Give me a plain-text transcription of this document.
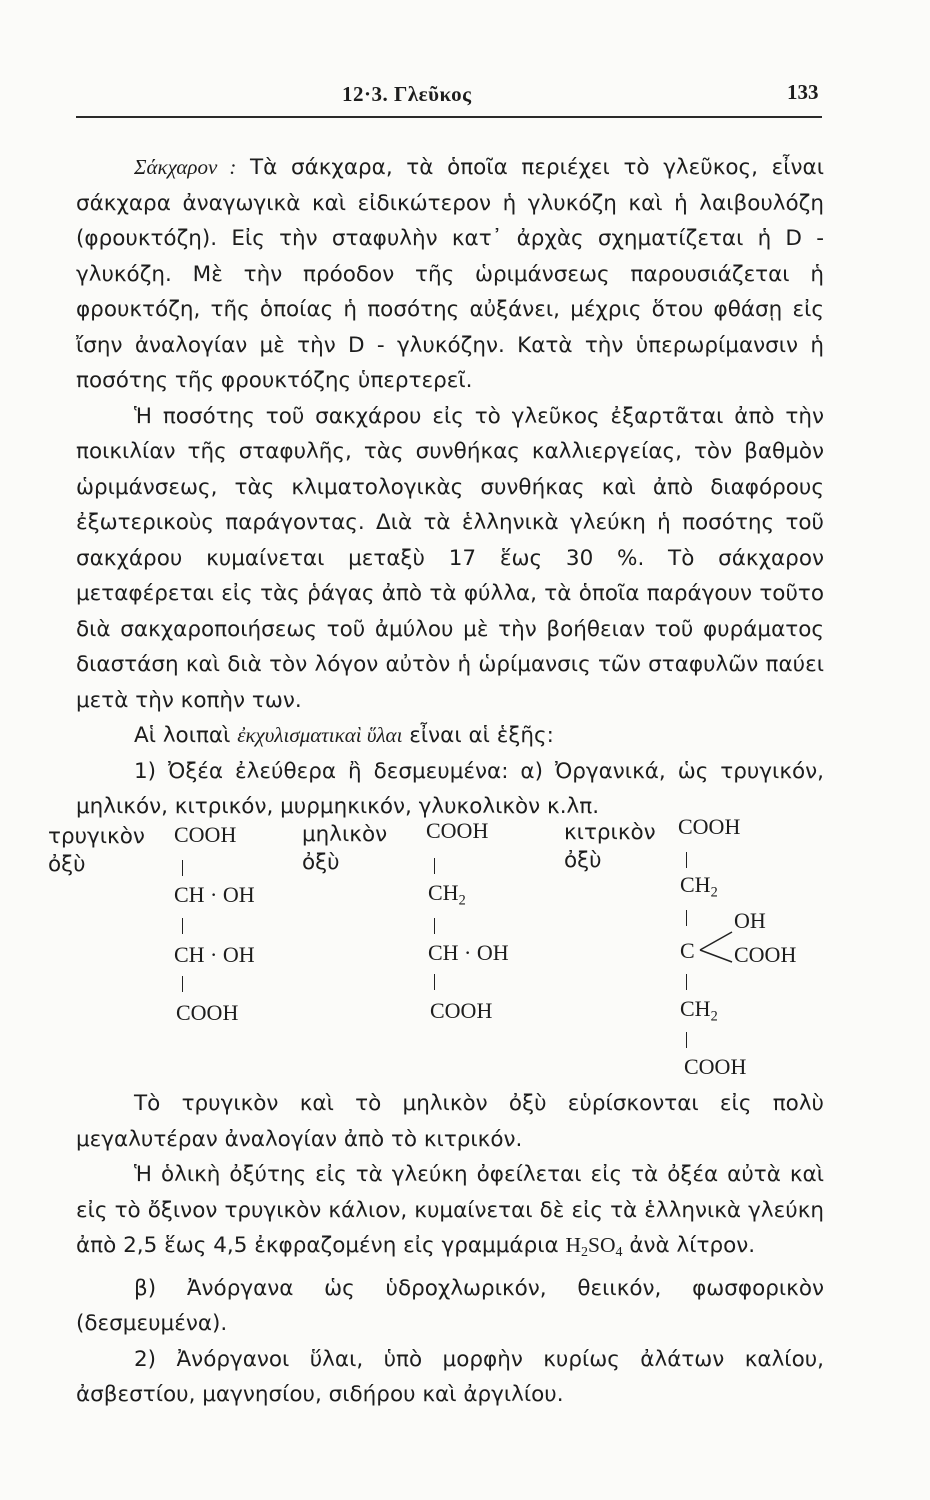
12·3. Γλεῦκος	133

Σάκχαρον : Τὰ σάκχαρα, τὰ ὁποῖα περιέχει τὸ γλεῦκος, εἶναι σάκχαρα ἀναγωγικὰ καὶ εἰδικώτερον ἡ γλυκόζη καὶ ἡ λαιβουλόζη (φρουκτόζη). Εἰς τὴν σταφυλὴν κατ᾽ ἀρχὰς σχηματίζεται ἡ D - γλυκόζη. Μὲ τὴν πρόοδον τῆς ὡριμάνσεως παρουσιάζεται ἡ φρουκτόζη, τῆς ὁποίας ἡ ποσότης αὐξάνει, μέχρις ὅτου φθάσῃ εἰς ἴσην ἀναλογίαν μὲ τὴν D - γλυκόζην. Κατὰ τὴν ὑπερωρίμανσιν ἡ ποσότης τῆς φρουκτόζης ὑπερτερεῖ.

Ἡ ποσότης τοῦ σακχάρου εἰς τὸ γλεῦκος ἐξαρτᾶται ἀπὸ τὴν ποικιλίαν τῆς σταφυλῆς, τὰς συνθήκας καλλιεργείας, τὸν βαθμὸν ὡριμάνσεως, τὰς κλιματολογικὰς συνθήκας καὶ ἀπὸ διαφόρους ἐξωτερικοὺς παράγοντας. Διὰ τὰ ἑλληνικὰ γλεύκη ἡ ποσότης τοῦ σακχάρου κυμαίνεται μεταξὺ 17 ἕως 30 %. Τὸ σάκχαρον μεταφέρεται εἰς τὰς ῥάγας ἀπὸ τὰ φύλλα, τὰ ὁποῖα παράγουν τοῦτο διὰ σακχαροποιήσεως τοῦ ἀμύλου μὲ τὴν βοήθειαν τοῦ φυράματος διαστάση καὶ διὰ τὸν λόγον αὐτὸν ἡ ὡρίμανσις τῶν σταφυλῶν παύει μετὰ τὴν κοπὴν των.

Αἱ λοιπαὶ ἐκχυλισματικαὶ ὕλαι εἶναι αἱ ἑξῆς:

1) Ὀξέα ἐλεύθερα ἢ δεσμευμένα: α) Ὀργανικά, ὡς τρυγικόν, μηλικόν, κιτρικόν, μυρμηκικόν, γλυκολικὸν κ.λπ.

τρυγικὸν
ὀξὺ
COOH
CH · OH
CH · OH
COOH
μηλικὸν
ὀξὺ
COOH
$CH_2$
CH · OH
COOH
κιτρικὸν
ὀξὺ
COOH
$CH_2$
OH
C COOH
$CH_2$
COOH

Τὸ τρυγικὸν καὶ τὸ μηλικὸν ὀξὺ εὑρίσκονται εἰς πολὺ μεγαλυτέραν ἀναλογίαν ἀπὸ τὸ κιτρικόν.

Ἡ ὁλικὴ ὀξύτης εἰς τὰ γλεύκη ὀφείλεται εἰς τὰ ὀξέα αὐτὰ καὶ εἰς τὸ ὄξινον τρυγικὸν κάλιον, κυμαίνεται δὲ εἰς τὰ ἑλληνικὰ γλεύκη ἀπὸ 2,5 ἕως 4,5 ἐκφραζομένη εἰς γραμμάρια $H_2SO_4$ ἀνὰ λίτρον.

β) Ἀνόργανα ὡς ὑδροχλωρικόν, θειικόν, φωσφορικὸν (δεσμευμένα).

2) Ἀνόργανοι ὕλαι, ὑπὸ μορφὴν κυρίως ἀλάτων καλίου, ἀσβεστίου, μαγνησίου, σιδήρου καὶ ἀργιλίου.
